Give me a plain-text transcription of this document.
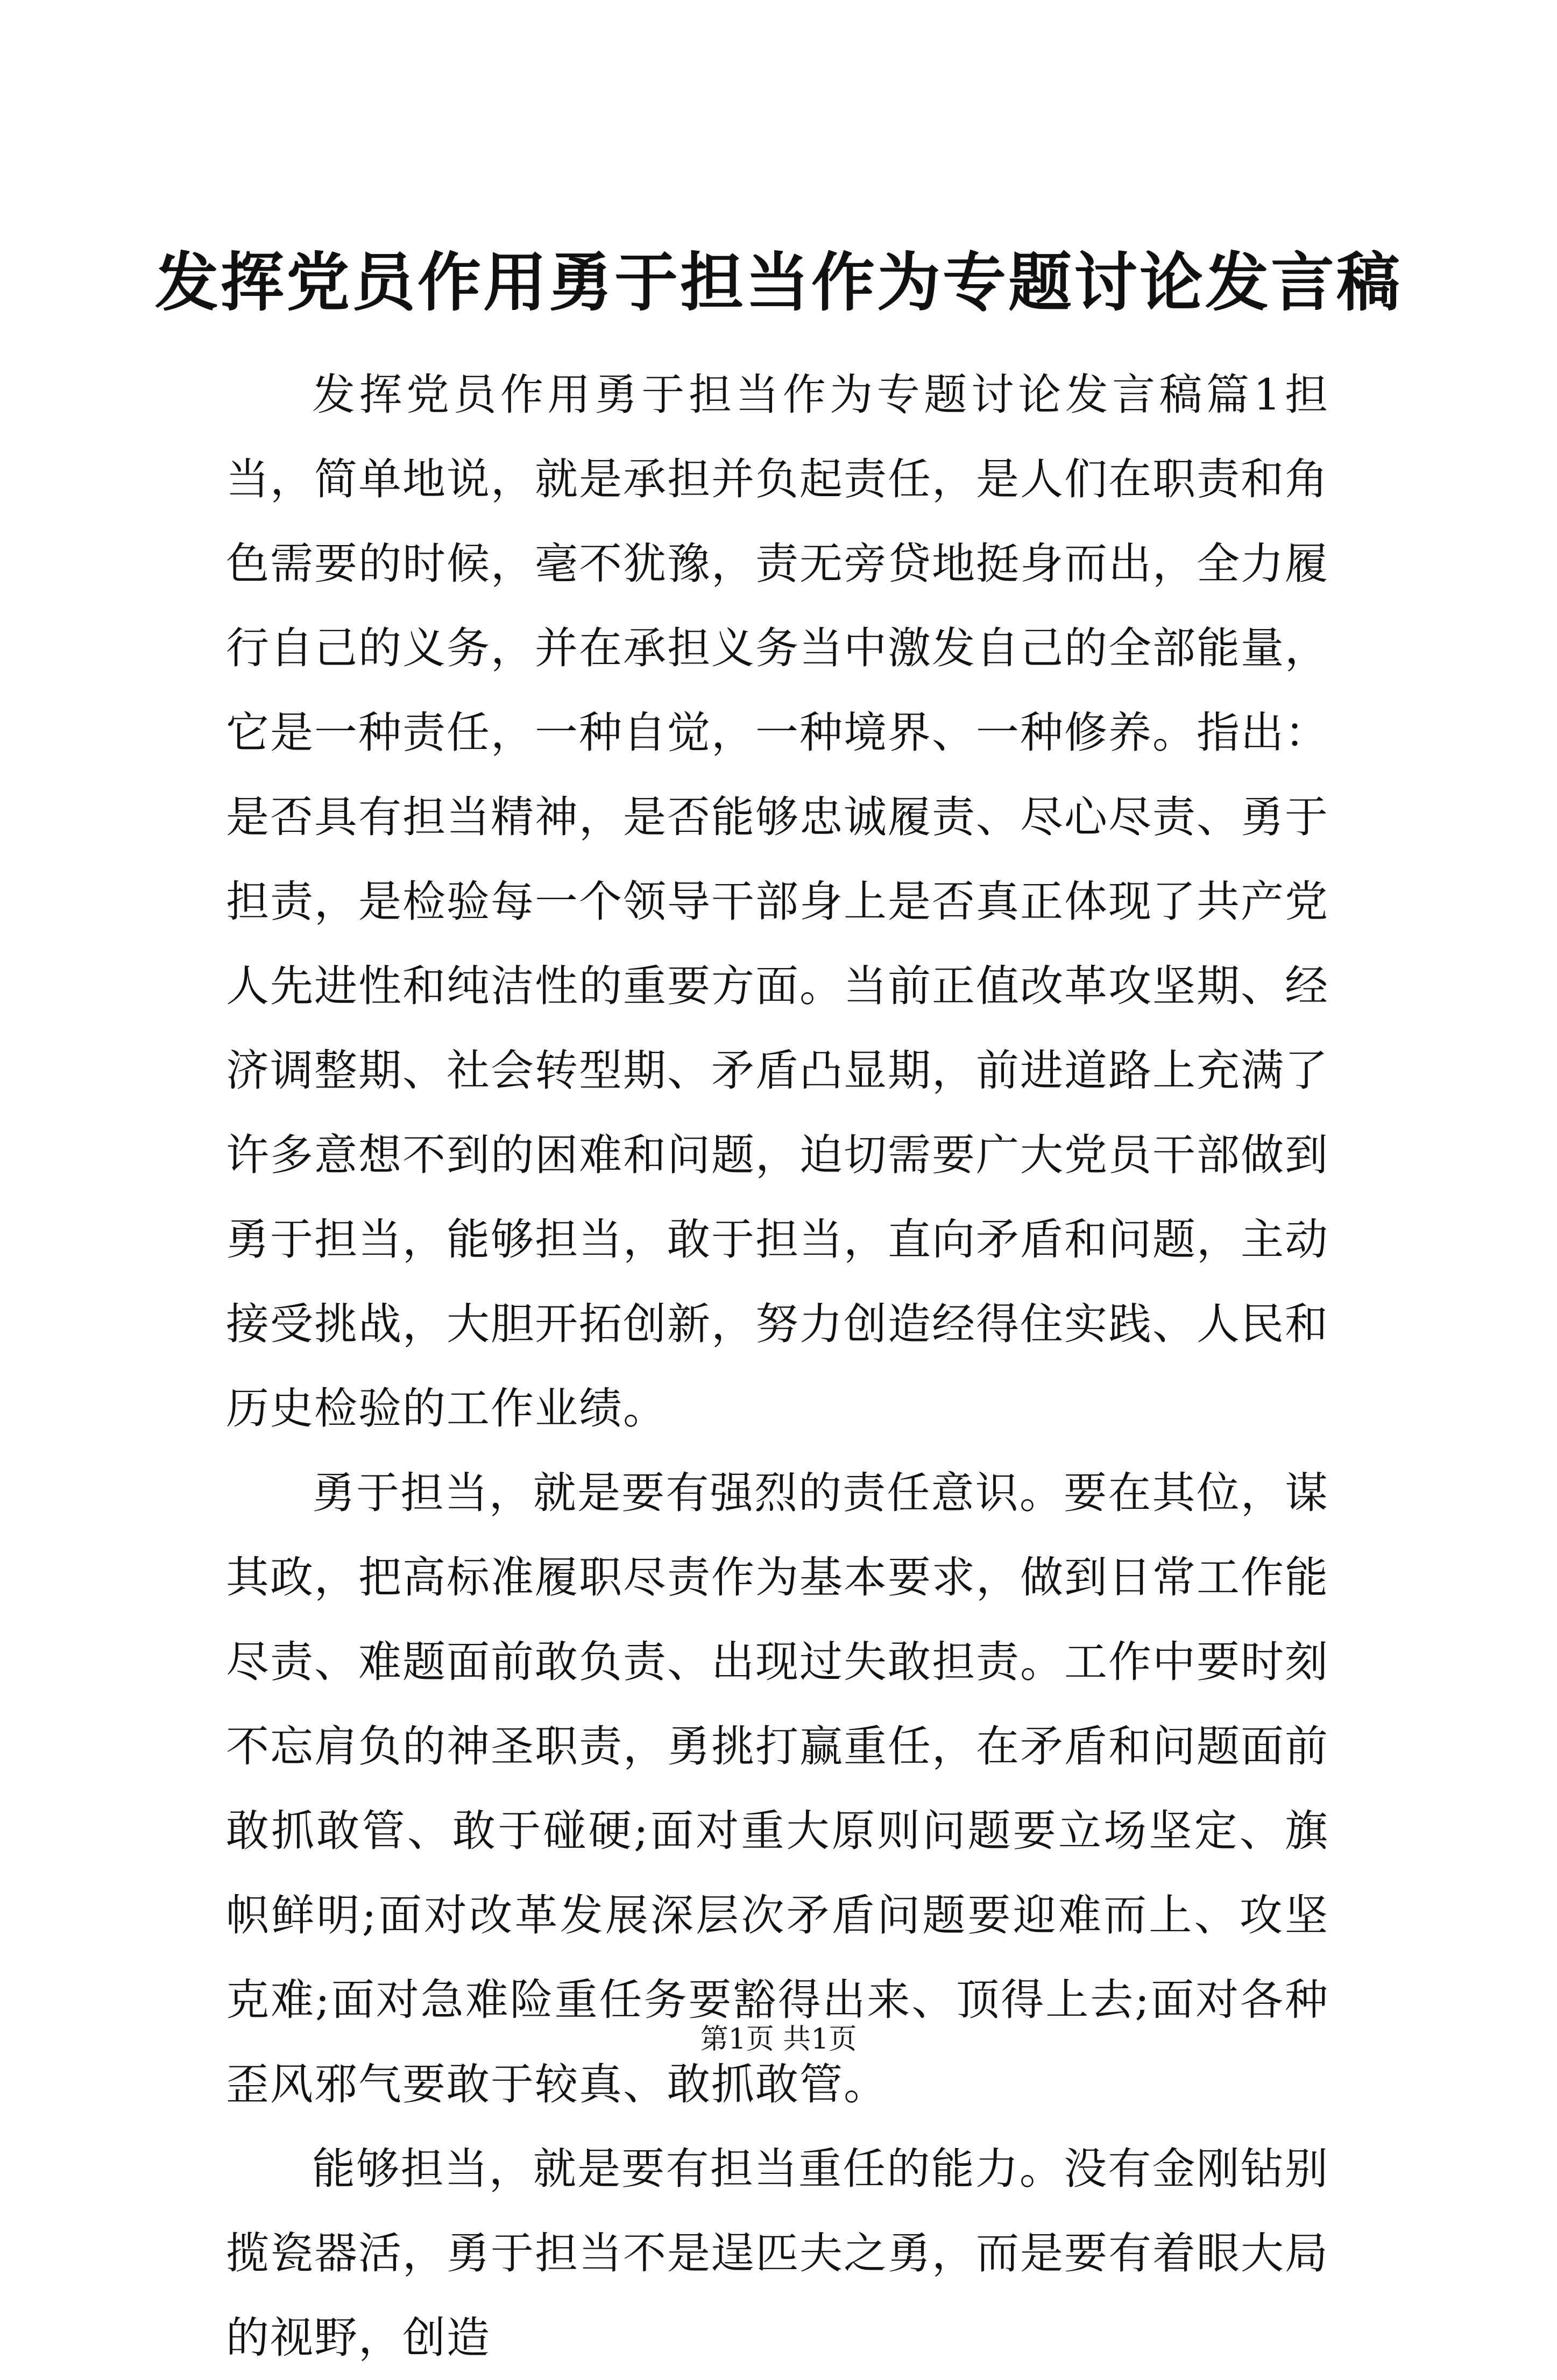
发挥党员作用勇于担当作为专题讨论发言稿

发挥党员作用勇于担当作为专题讨论发言稿篇1担当，简单地说，就是承担并负起责任，是人们在职责和角色需要的时候，毫不犹豫，责无旁贷地挺身而出，全力履行自己的义务，并在承担义务当中激发自己的全部能量，它是一种责任，一种自觉，一种境界、一种修养。指出：是否具有担当精神，是否能够忠诚履责、尽心尽责、勇于担责，是检验每一个领导干部身上是否真正体现了共产党人先进性和纯洁性的重要方面。当前正值改革攻坚期、经济调整期、社会转型期、矛盾凸显期，前进道路上充满了许多意想不到的困难和问题，迫切需要广大党员干部做到勇于担当，能够担当，敢于担当，直向矛盾和问题，主动接受挑战，大胆开拓创新，努力创造经得住实践、人民和历史检验的工作业绩。

勇于担当，就是要有强烈的责任意识。要在其位，谋其政，把高标准履职尽责作为基本要求，做到日常工作能尽责、难题面前敢负责、出现过失敢担责。工作中要时刻不忘肩负的神圣职责，勇挑打赢重任，在矛盾和问题面前敢抓敢管、敢于碰硬;面对重大原则问题要立场坚定、旗帜鲜明;面对改革发展深层次矛盾问题要迎难而上、攻坚克难;面对急难险重任务要豁得出来、顶得上去;面对各种歪风邪气要敢于较真、敢抓敢管。

能够担当，就是要有担当重任的能力。没有金刚钻别揽瓷器活，勇于担当不是逞匹夫之勇，而是要有着眼大局的视野，创造

第1页 共1页
